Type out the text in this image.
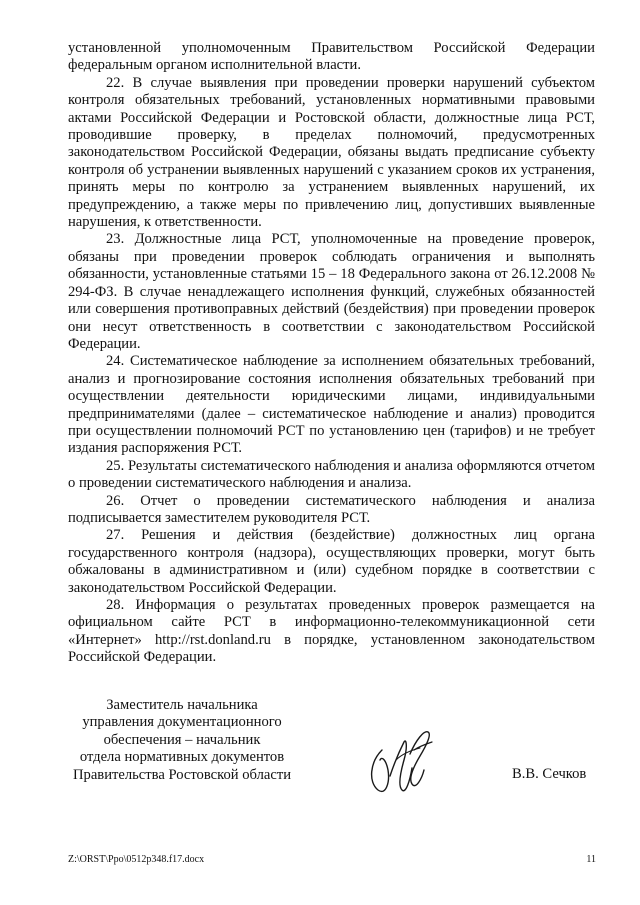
установленной уполномоченным Правительством Российской Федерации федеральным органом исполнительной власти.

22. В случае выявления при проведении проверки нарушений субъектом контроля обязательных требований, установленных нормативными правовыми актами Российской Федерации и Ростовской области, должностные лица РСТ, проводившие проверку, в пределах полномочий, предусмотренных законодательством Российской Федерации, обязаны выдать предписание субъекту контроля об устранении выявленных нарушений с указанием сроков их устранения, принять меры по контролю за устранением выявленных нарушений, их предупреждению, а также меры по привлечению лиц, допустивших выявленные нарушения, к ответственности.

23. Должностные лица РСТ, уполномоченные на проведение проверок, обязаны при проведении проверок соблюдать ограничения и выполнять обязанности, установленные статьями 15 – 18 Федерального закона от 26.12.2008 № 294-ФЗ. В случае ненадлежащего исполнения функций, служебных обязанностей или совершения противоправных действий (бездействия) при проведении проверок они несут ответственность в соответствии с законодательством Российской Федерации.

24. Систематическое наблюдение за исполнением обязательных требований, анализ и прогнозирование состояния исполнения обязательных требований при осуществлении деятельности юридическими лицами, индивидуальными предпринимателями (далее – систематическое наблюдение и анализ) проводится при осуществлении полномочий РСТ по установлению цен (тарифов) и не требует издания распоряжения РСТ.

25. Результаты систематического наблюдения и анализа оформляются отчетом о проведении систематического наблюдения и анализа.

26. Отчет о проведении систематического наблюдения и анализа подписывается заместителем руководителя РСТ.

27. Решения и действия (бездействие) должностных лиц органа государственного контроля (надзора), осуществляющих проверки, могут быть обжалованы в административном и (или) судебном порядке в соответствии с законодательством Российской Федерации.

28. Информация о результатах проведенных проверок размещается на официальном сайте РСТ в информационно-телекоммуникационной сети «Интернет» http://rst.donland.ru в порядке, установленном законодательством Российской Федерации.

Заместитель начальника
управления документационного
обеспечения – начальник
отдела нормативных документов
Правительства Ростовской области	В.В. Сечков
Z:\ORST\Ppo\0512p348.f17.docx	11
